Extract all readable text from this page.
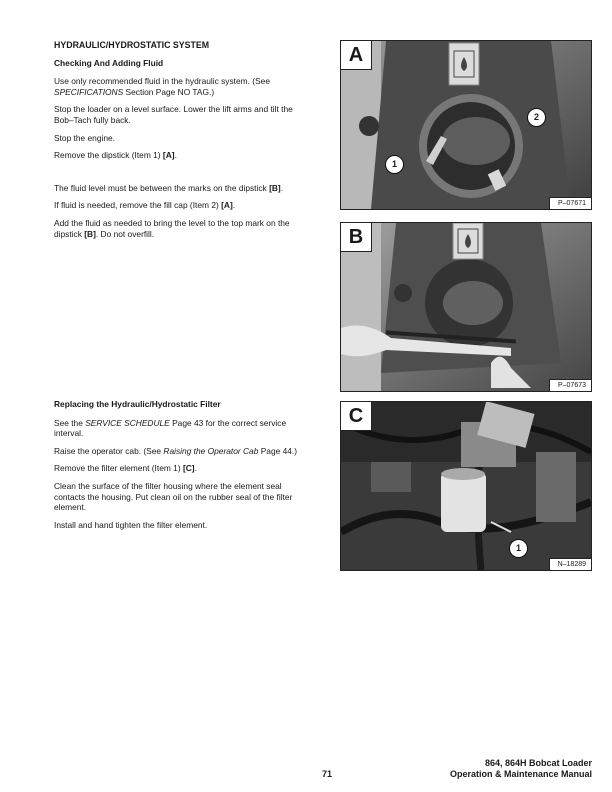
HYDRAULIC/HYDROSTATIC SYSTEM
Checking And Adding Fluid

Use only recommended fluid in the hydraulic system. (See
SPECIFICATIONS Section Page NO TAG.)

Stop the loader on a level surface. Lower the lift arms and tilt the Bob–Tach fully back.

Stop the engine.

Remove the dipstick (Item 1) [A].

The fluid level must be between the marks on the dipstick [B].

If fluid is needed, remove the fill cap (Item 2) [A].

Add the fluid as needed to bring the level to the top mark on the dipstick [B]. Do not overfill.

Replacing the Hydraulic/Hydrostatic Filter

See the SERVICE SCHEDULE Page 43 for the correct service interval.

Raise the operator cab. (See Raising the Operator Cab Page 44.)

Remove the filter element (Item 1) [C].

Clean the surface of the filter housing where the element seal contacts the housing. Put clean oil on the rubber seal of the filter element.

Install and hand tighten the filter element.

A
2
1
P–07671
B
P–07673
C
1
N–18289
71
864, 864H Bobcat Loader
Operation & Maintenance Manual
